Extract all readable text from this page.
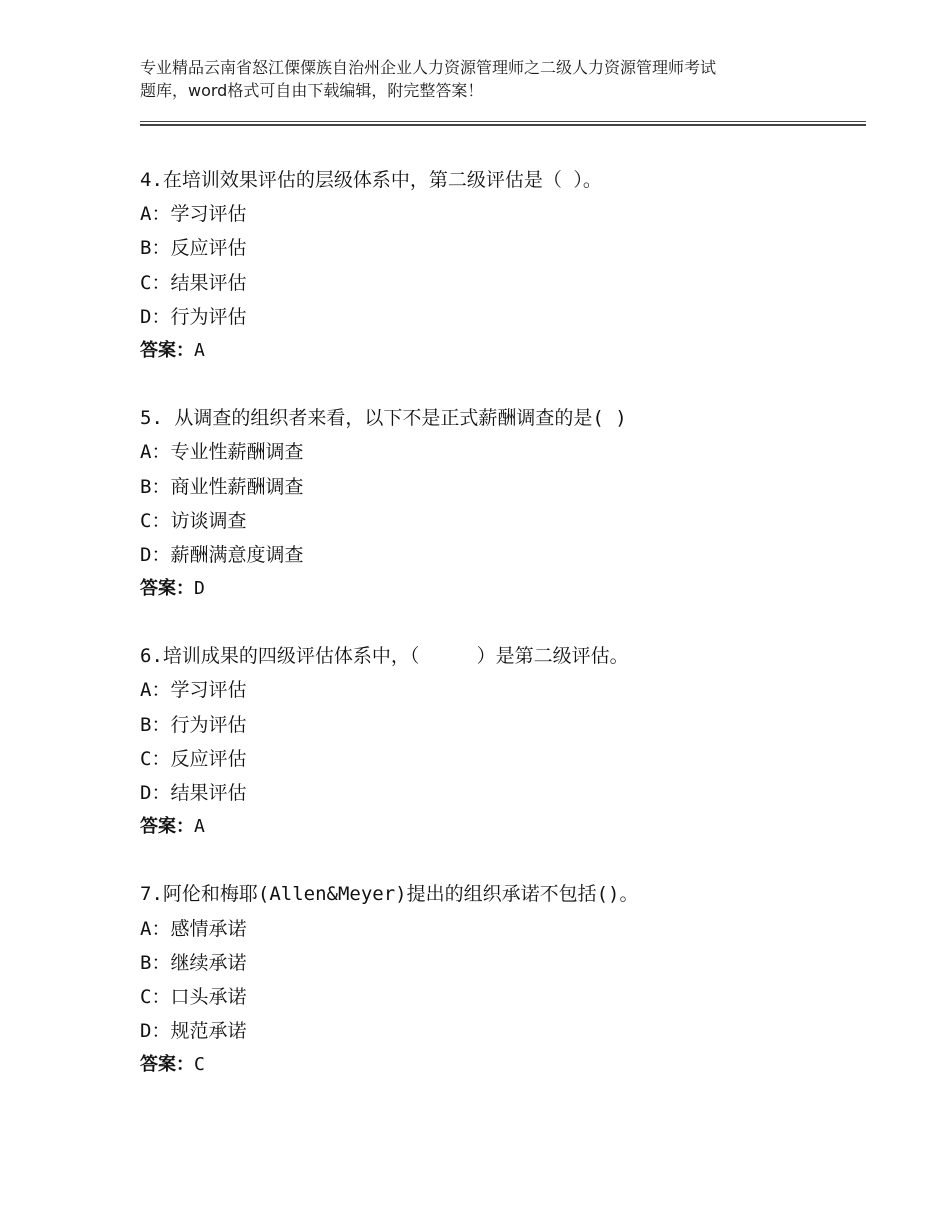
专业精品云南省怒江傈僳族自治州企业人力资源管理师之二级人力资源管理师考试
题库，word格式可自由下载编辑，附完整答案！
4.在培训效果评估的层级体系中，第二级评估是（ ）。
A：学习评估
B：反应评估
C：结果评估
D：行为评估
答案：A
5. 从调查的组织者来看，以下不是正式薪酬调查的是( )
A：专业性薪酬调查
B：商业性薪酬调查
C：访谈调查
D：薪酬满意度调查
答案：D
6.培训成果的四级评估体系中，（     ）是第二级评估。
A：学习评估
B：行为评估
C：反应评估
D：结果评估
答案：A
7.阿伦和梅耶(Allen&Meyer)提出的组织承诺不包括()。
A：感情承诺
B：继续承诺
C：口头承诺
D：规范承诺
答案：C
